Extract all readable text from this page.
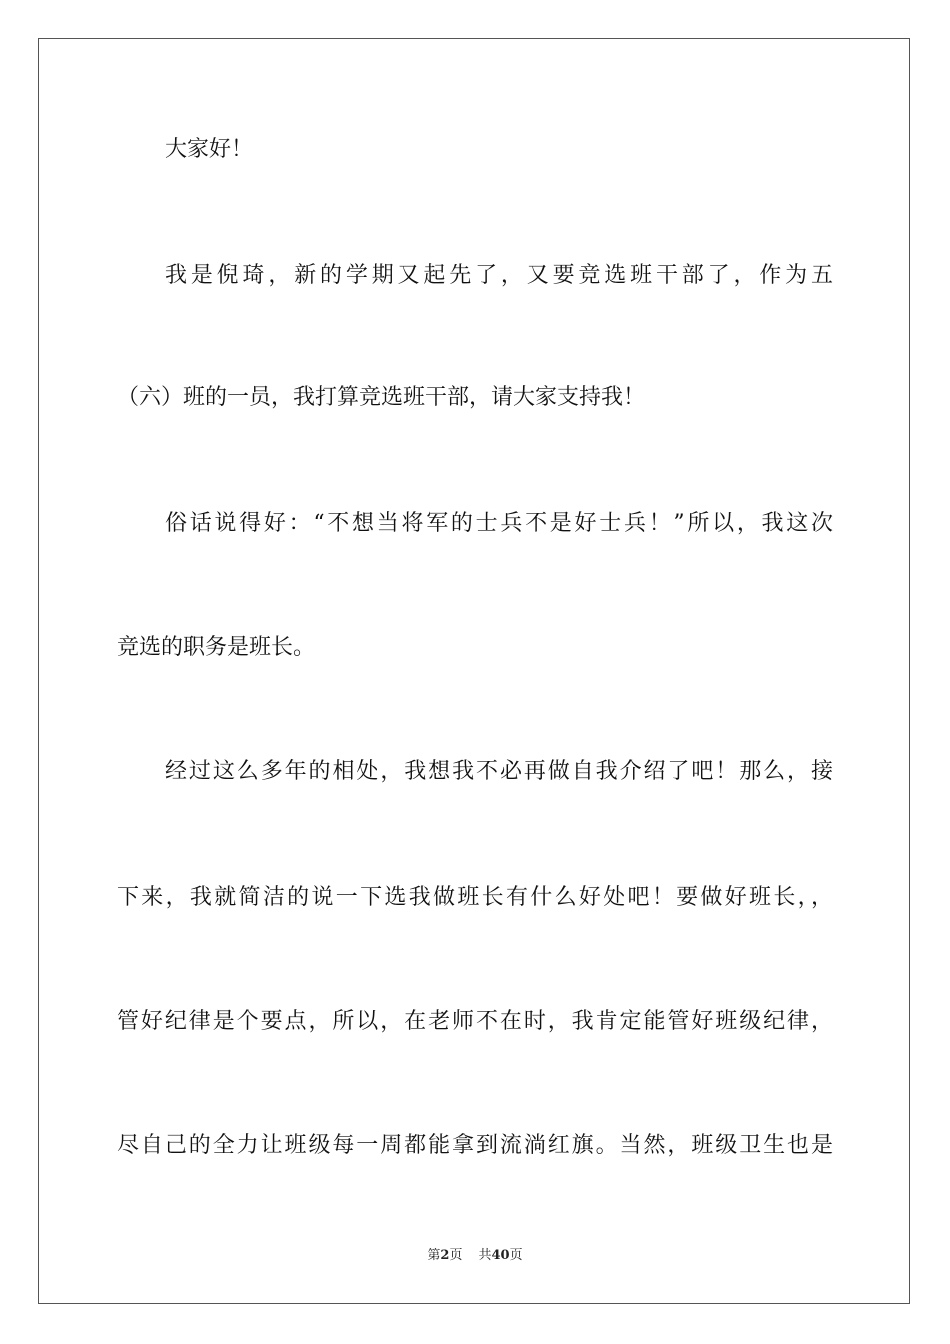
大家好！
我是倪琦，新的学期又起先了，又要竞选班干部了，作为五
（六）班的一员，我打算竞选班干部，请大家支持我！
俗话说得好：“不想当将军的士兵不是好士兵！”所以，我这次
竞选的职务是班长。
经过这么多年的相处，我想我不必再做自我介绍了吧！那么，接
下来，我就简洁的说一下选我做班长有什么好处吧！要做好班长，，
管好纪律是个要点，所以，在老师不在时，我肯定能管好班级纪律，
尽自己的全力让班级每一周都能拿到流淌红旗。当然，班级卫生也是
第2页 共40页
